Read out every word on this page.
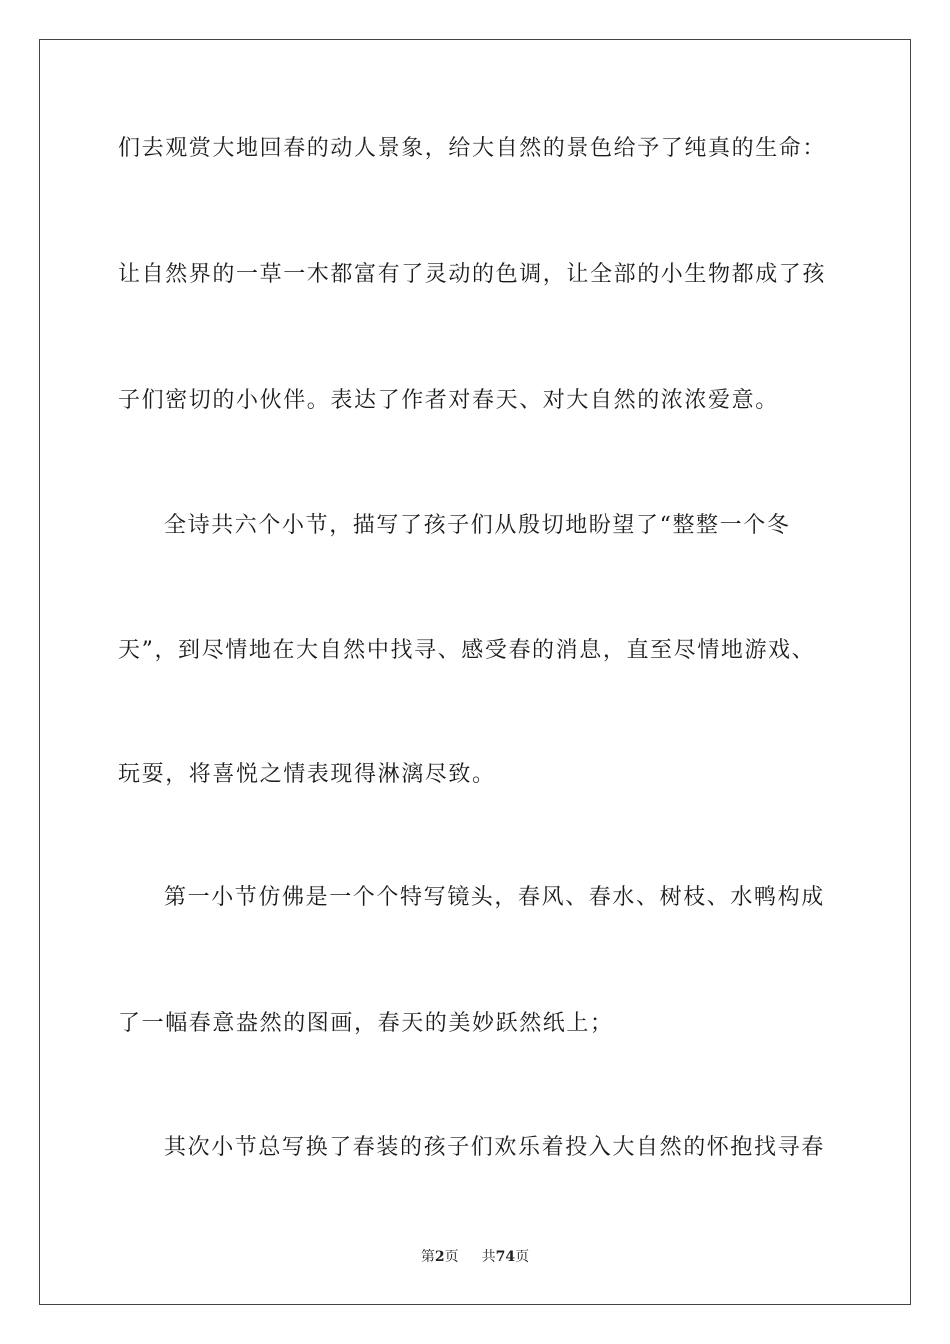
们去观赏大地回春的动人景象，给大自然的景色给予了纯真的生命：
让自然界的一草一木都富有了灵动的色调，让全部的小生物都成了孩
子们密切的小伙伴。表达了作者对春天、对大自然的浓浓爱意。
全诗共六个小节，描写了孩子们从殷切地盼望了“整整一个冬
天”，到尽情地在大自然中找寻、感受春的消息，直至尽情地游戏、
玩耍，将喜悦之情表现得淋漓尽致。
第一小节仿佛是一个个特写镜头，春风、春水、树枝、水鸭构成
了一幅春意盎然的图画，春天的美妙跃然纸上；
其次小节总写换了春装的孩子们欢乐着投入大自然的怀抱找寻春
第2页 共74页
